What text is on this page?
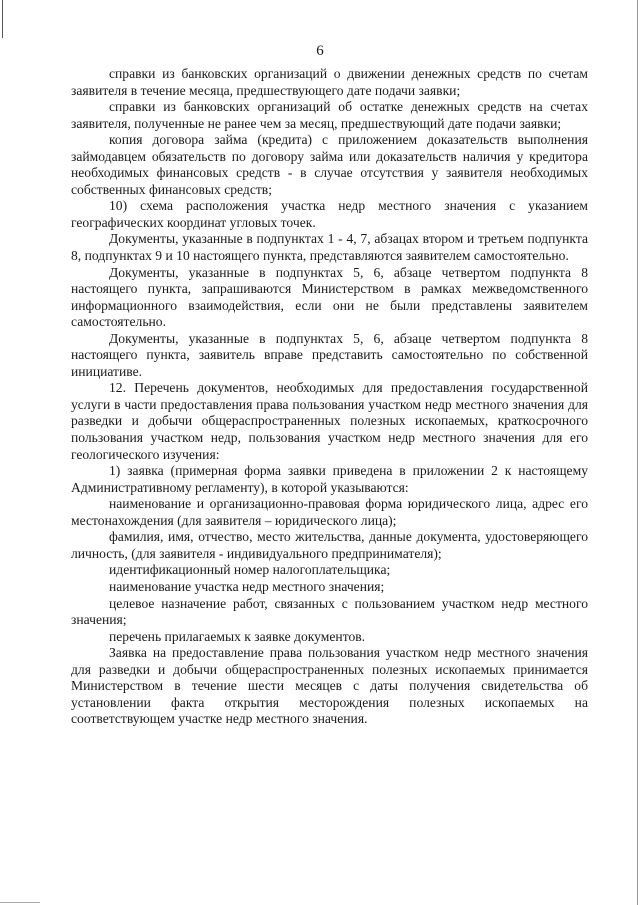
6

справки из банковских организаций о движении денежных средств по счетам заявителя в течение месяца, предшествующего дате подачи заявки;

справки из банковских организаций об остатке денежных средств на счетах заявителя, полученные не ранее чем за месяц, предшествующий дате подачи заявки;

копия договора займа (кредита) с приложением доказательств выполнения займодавцем обязательств по договору займа или доказательств наличия у кредитора необходимых финансовых средств - в случае отсутствия у заявителя необходимых собственных финансовых средств;

10) схема расположения участка недр местного значения с указанием географических координат угловых точек.

Документы, указанные в подпунктах 1 - 4, 7, абзацах втором и третьем подпункта 8, подпунктах 9 и 10 настоящего пункта, представляются заявителем самостоятельно.

Документы, указанные в подпунктах 5, 6, абзаце четвертом подпункта 8 настоящего пункта, запрашиваются Министерством в рамках межведомственного информационного взаимодействия, если они не были представлены заявителем самостоятельно.

Документы, указанные в подпунктах 5, 6, абзаце четвертом подпункта 8 настоящего пункта, заявитель вправе представить самостоятельно по собственной инициативе.

12. Перечень документов, необходимых для предоставления государственной услуги в части предоставления права пользования участком недр местного значения для разведки и добычи общераспространенных полезных ископаемых, краткосрочного пользования участком недр, пользования участком недр местного значения для его геологического изучения:

1) заявка (примерная форма заявки приведена в приложении 2 к настоящему Административному регламенту), в которой указываются:

наименование и организационно-правовая форма юридического лица, адрес его местонахождения (для заявителя – юридического лица);

фамилия, имя, отчество, место жительства, данные документа, удостоверяющего личность, (для заявителя - индивидуального предпринимателя);

идентификационный номер налогоплательщика;

наименование участка недр местного значения;

целевое назначение работ, связанных с пользованием участком недр местного значения;

перечень прилагаемых к заявке документов.

Заявка на предоставление права пользования участком недр местного значения для разведки и добычи общераспространенных полезных ископаемых принимается Министерством в течение шести месяцев с даты получения свидетельства об установлении факта открытия месторождения полезных ископаемых на соответствующем участке недр местного значения.
